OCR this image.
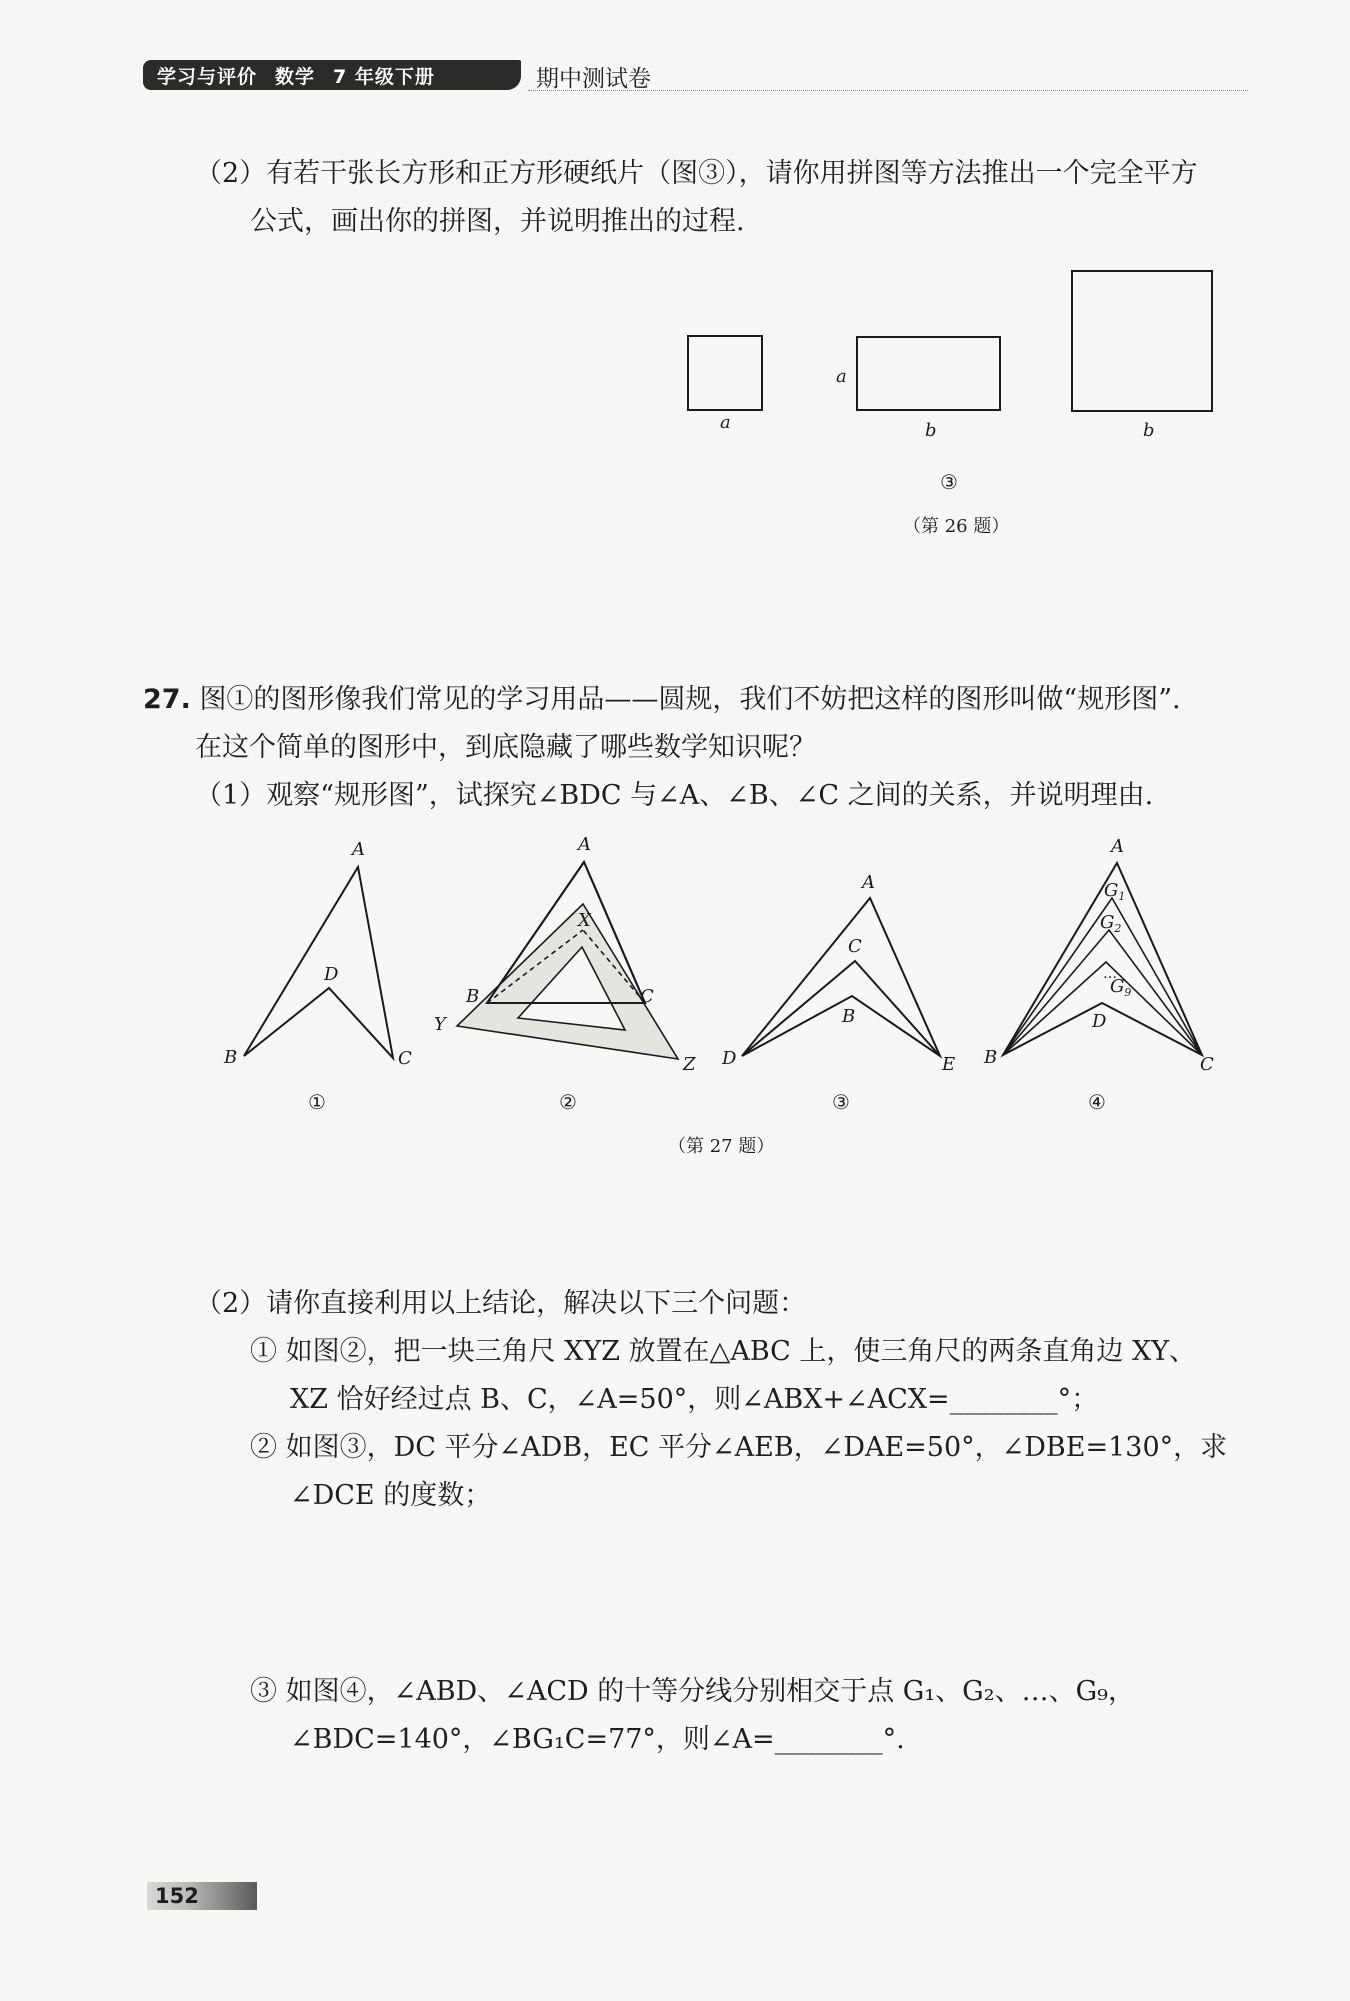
学习与评价 数学 7 年级下册	期中测试卷
（2）有若干张长方形和正方形硬纸片（图③），请你用拼图等方法推出一个完全平方
公式，画出你的拼图，并说明推出的过程.
a
a
b	b
③
（第 26 题）
27. 图①的图形像我们常见的学习用品——圆规，我们不妨把这样的图形叫做“规形图”.
在这个简单的图形中，到底隐藏了哪些数学知识呢？
（1）观察“规形图”，试探究∠BDC 与∠A、∠B、∠C 之间的关系，并说明理由.
A
B	C
D
A
X
B	C
Y
Z
A
C
B
D	E
A
$G_1$
$G_2$
…
$G_9$
D
B	C
①	②	③	④
（第 27 题）
（2）请你直接利用以上结论，解决以下三个问题：
① 如图②，把一块三角尺 XYZ 放置在△ABC 上，使三角尺的两条直角边 XY、
XZ 恰好经过点 B、C，∠A=50°，则∠ABX+∠ACX=________°；
② 如图③，DC 平分∠ADB，EC 平分∠AEB，∠DAE=50°，∠DBE=130°，求
∠DCE 的度数；
③ 如图④，∠ABD、∠ACD 的十等分线分别相交于点 G₁、G₂、…、G₉，
∠BDC=140°，∠BG₁C=77°，则∠A=________°.
152
